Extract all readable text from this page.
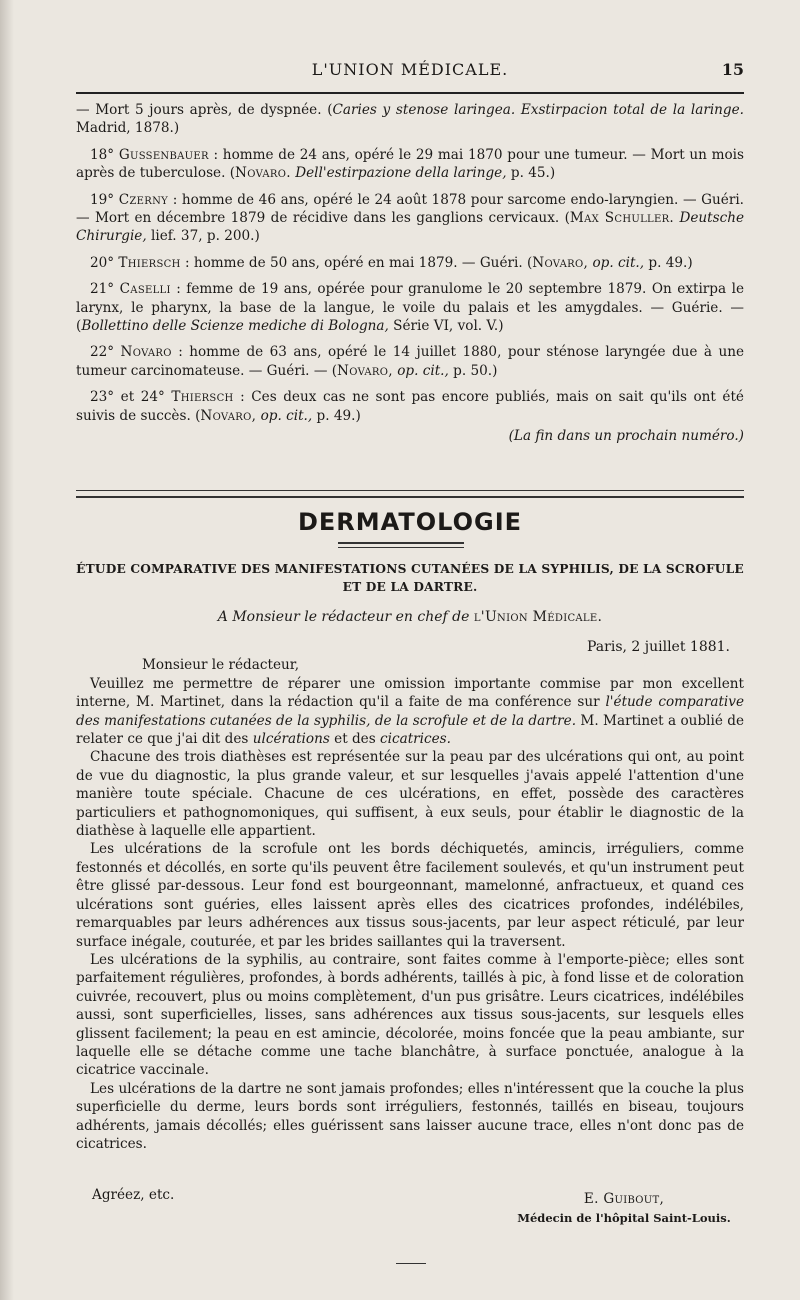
L'UNION MÉDICALE.	15

— Mort 5 jours après, de dyspnée. (Caries y stenose laringea. Exstirpacion total de la laringe. Madrid, 1878.)

18° Gussenbauer : homme de 24 ans, opéré le 29 mai 1870 pour une tumeur. — Mort un mois après de tuberculose. (Novaro. Dell'estirpazione della laringe, p. 45.)

19° Czerny : homme de 46 ans, opéré le 24 août 1878 pour sarcome endo-laryngien. — Guéri. — Mort en décembre 1879 de récidive dans les ganglions cervicaux. (Max Schuller. Deutsche Chirurgie, lief. 37, p. 200.)

20° Thiersch : homme de 50 ans, opéré en mai 1879. — Guéri. (Novaro, op. cit., p. 49.)

21° Caselli : femme de 19 ans, opérée pour granulome le 20 septembre 1879. On extirpa le larynx, le pharynx, la base de la langue, le voile du palais et les amygdales. — Guérie. — (Bollettino delle Scienze mediche di Bologna, Série VI, vol. V.)

22° Novaro : homme de 63 ans, opéré le 14 juillet 1880, pour sténose laryngée due à une tumeur carcinomateuse. — Guéri. — (Novaro, op. cit., p. 50.)

23° et 24° Thiersch : Ces deux cas ne sont pas encore publiés, mais on sait qu'ils ont été suivis de succès. (Novaro, op. cit., p. 49.)

(La fin dans un prochain numéro.)

DERMATOLOGIE
ÉTUDE COMPARATIVE DES MANIFESTATIONS CUTANÉES DE LA SYPHILIS, DE LA SCROFULE
ET DE LA DARTRE.
A Monsieur le rédacteur en chef de l'Union Médicale.

Paris, 2 juillet 1881.

Monsieur le rédacteur,

Veuillez me permettre de réparer une omission importante commise par mon excellent interne, M. Martinet, dans la rédaction qu'il a faite de ma conférence sur l'étude comparative des manifestations cutanées de la syphilis, de la scrofule et de la dartre. M. Martinet a oublié de relater ce que j'ai dit des ulcérations et des cicatrices.

Chacune des trois diathèses est représentée sur la peau par des ulcérations qui ont, au point de vue du diagnostic, la plus grande valeur, et sur lesquelles j'avais appelé l'attention d'une manière toute spéciale. Chacune de ces ulcérations, en effet, possède des caractères particuliers et pathognomoniques, qui suffisent, à eux seuls, pour établir le diagnostic de la diathèse à laquelle elle appartient.

Les ulcérations de la scrofule ont les bords déchiquetés, amincis, irréguliers, comme festonnés et décollés, en sorte qu'ils peuvent être facilement soulevés, et qu'un instrument peut être glissé par-dessous. Leur fond est bourgeonnant, mamelonné, anfractueux, et quand ces ulcérations sont guéries, elles laissent après elles des cicatrices profondes, indélébiles, remarquables par leurs adhérences aux tissus sous-jacents, par leur aspect réticulé, par leur surface inégale, couturée, et par les brides saillantes qui la traversent.

Les ulcérations de la syphilis, au contraire, sont faites comme à l'emporte-pièce; elles sont parfaitement régulières, profondes, à bords adhérents, taillés à pic, à fond lisse et de coloration cuivrée, recouvert, plus ou moins complètement, d'un pus grisâtre. Leurs cicatrices, indélébiles aussi, sont superficielles, lisses, sans adhérences aux tissus sous-jacents, sur lesquels elles glissent facilement; la peau en est amincie, décolorée, moins foncée que la peau ambiante, sur laquelle elle se détache comme une tache blanchâtre, à surface ponctuée, analogue à la cicatrice vaccinale.

Les ulcérations de la dartre ne sont jamais profondes; elles n'intéressent que la couche la plus superficielle du derme, leurs bords sont irréguliers, festonnés, taillés en biseau, toujours adhérents, jamais décollés; elles guérissent sans laisser aucune trace, elles n'ont donc pas de cicatrices.

Agréez, etc.	E. Guibout,
Médecin de l'hôpital Saint-Louis.
